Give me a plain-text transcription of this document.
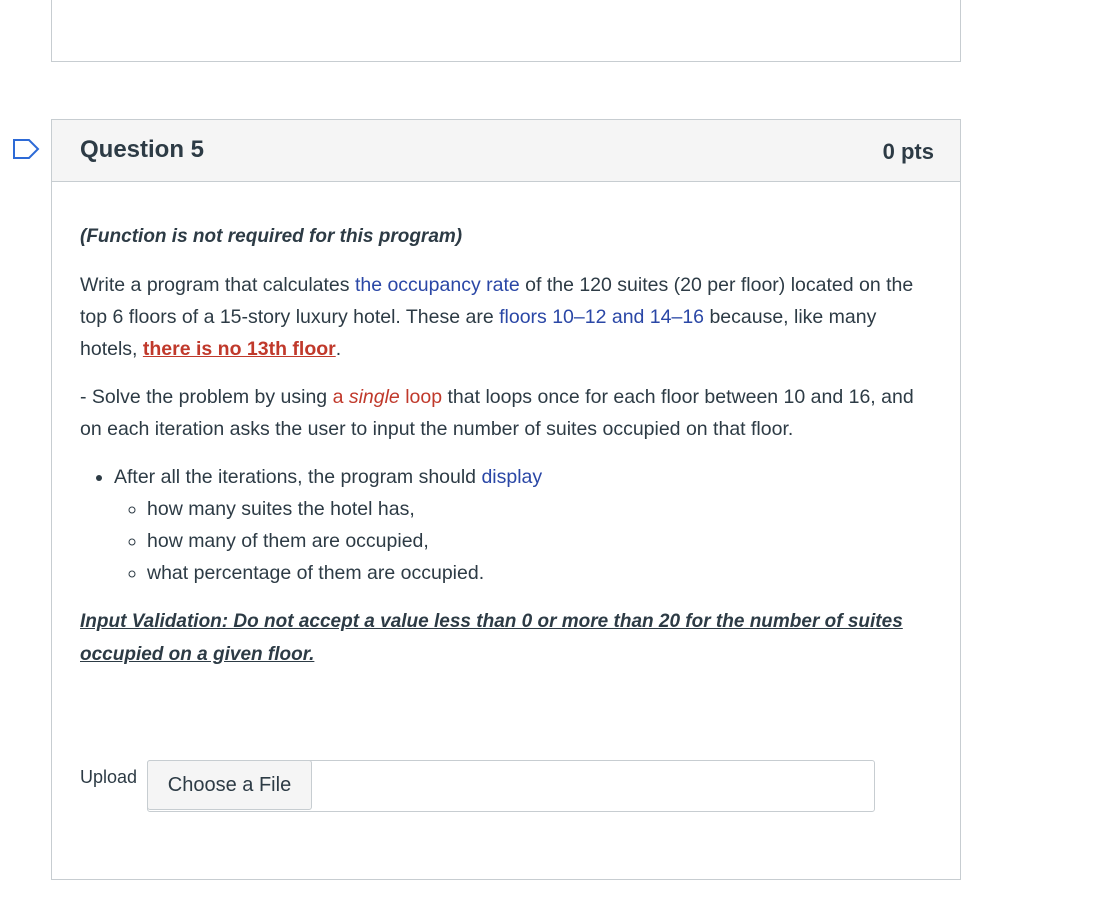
Question 5	0 pts

(Function is not required for this program)

Write a program that calculates the occupancy rate of the 120 suites (20 per floor) located on the top 6 floors of a 15-story luxury hotel. These are floors 10–12 and 14–16 because, like many hotels, there is no 13th floor.

- Solve the problem by using a single loop that loops once for each floor between 10 and 16, and on each iteration asks the user to input the number of suites occupied on that floor.

• After all the iterations, the program should display
◦ how many suites the hotel has,
◦ how many of them are occupied,
◦ what percentage of them are occupied.

Input Validation: Do not accept a value less than 0 or more than 20 for the number of suites occupied on a given floor.

Upload	Choose a File
